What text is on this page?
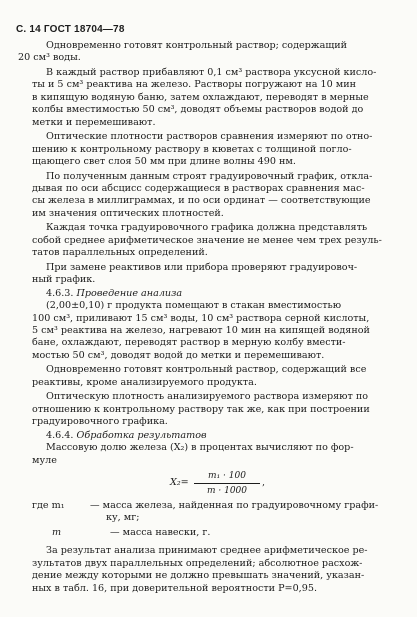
С. 14 ГОСТ 18704—78

Одновременно готовят контрольный раствор; содержащий
20 см³ воды.

В каждый раствор прибавляют 0,1 см³ раствора уксусной кисло-
ты и 5 см³ реактива на железо. Растворы погружают на 10 мин
в кипящую водяную баню, затем охлаждают, переводят в мерные
колбы вместимостью 50 см³, доводят объемы растворов водой до
метки и перемешивают.

Оптические плотности растворов сравнения измеряют по отно-
шению к контрольному раствору в кюветах с толщиной погло-
щающего свет слоя 50 мм при длине волны 490 нм.

По полученным данным строят градуировочный график, откла-
дывая по оси абсцисс содержащиеся в растворах сравнения мас-
сы железа в миллиграммах, и по оси ординат — соответствующие
им значения оптических плотностей.

Каждая точка градуировочного графика должна представлять
собой среднее арифметическое значение не менее чем трех резуль-
татов параллельных определений.

При замене реактивов или прибора проверяют градуировоч-
ный график.

4.6.3. Проведение анализа

(2,00±0,10) г продукта помещают в стакан вместимостью
100 см³, приливают 15 см³ воды, 10 см³ раствора серной кислоты,
5 см³ реактива на железо, нагревают 10 мин на кипящей водяной
бане, охлаждают, переводят раствор в мерную колбу вмести-
мостью 50 см³, доводят водой до метки и перемешивают.

Одновременно готовят контрольный раствор, содержащий все
реактивы, кроме анализируемого продукта.

Оптическую плотность анализируемого раствора измеряют по
отношению к контрольному раствору так же, как при построении
градуировочного графика.

4.6.4. Обработка результатов

Массовую долю железа (X₂) в процентах вычисляют по фор-
муле

X₂=
m₁ · 100
m · 1000
,
где m₁	— масса железа, найденная по градуировочному графи-
ку, мг;
m	— масса навески, г.

За результат анализа принимают среднее арифметическое ре-
зультатов двух параллельных определений; абсолютное расхож-
дение между которыми не должно превышать значений, указан-
ных в табл. 16, при доверительной вероятности P=0,95.
